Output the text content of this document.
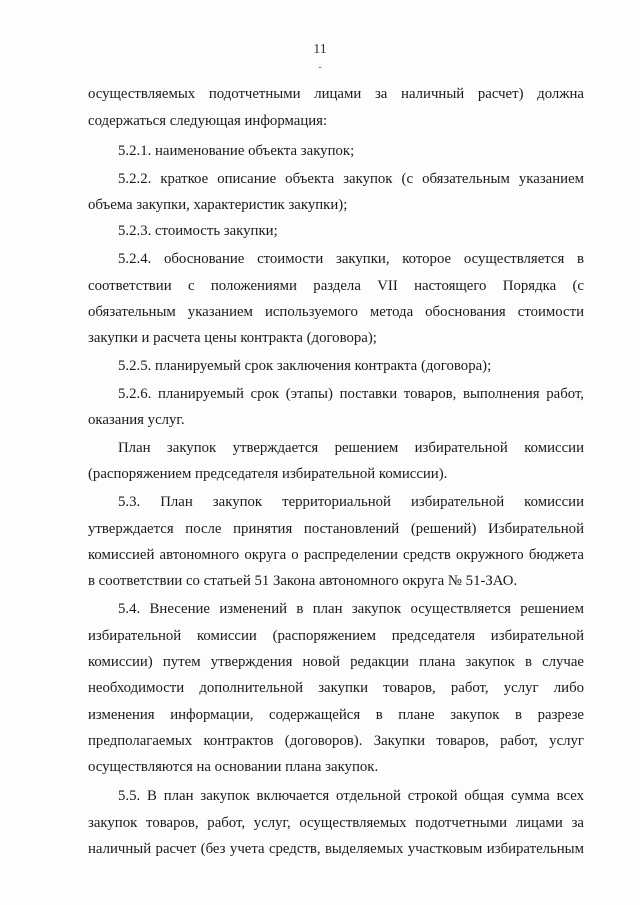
11
-
осуществляемых подотчетными лицами за наличный расчет) должна
содержаться следующая информация:
5.2.1. наименование объекта закупок;
5.2.2. краткое описание объекта закупок (с обязательным указанием
объема закупки, характеристик закупки);
5.2.3. стоимость закупки;
5.2.4. обоснование стоимости закупки, которое осуществляется в
соответствии с положениями раздела VII настоящего Порядка (с
обязательным указанием используемого метода обоснования стоимости
закупки и расчета цены контракта (договора);
5.2.5. планируемый срок заключения контракта (договора);
5.2.6. планируемый срок (этапы) поставки товаров, выполнения работ,
оказания услуг.
План закупок утверждается решением избирательной комиссии
(распоряжением председателя избирательной комиссии).
5.3. План закупок территориальной избирательной комиссии
утверждается после принятия постановлений (решений) Избирательной
комиссией автономного округа о распределении средств окружного бюджета
в соответствии со статьей 51 Закона автономного округа № 51-ЗАО.
5.4. Внесение изменений в план закупок осуществляется решением
избирательной комиссии (распоряжением председателя избирательной
комиссии) путем утверждения новой редакции плана закупок в случае
необходимости дополнительной закупки товаров, работ, услуг либо
изменения информации, содержащейся в плане закупок в разрезе
предполагаемых контрактов (договоров). Закупки товаров, работ, услуг
осуществляются на основании плана закупок.
5.5. В план закупок включается отдельной строкой общая сумма всех
закупок товаров, работ, услуг, осуществляемых подотчетными лицами за
наличный расчет (без учета средств, выделяемых участковым избирательным
